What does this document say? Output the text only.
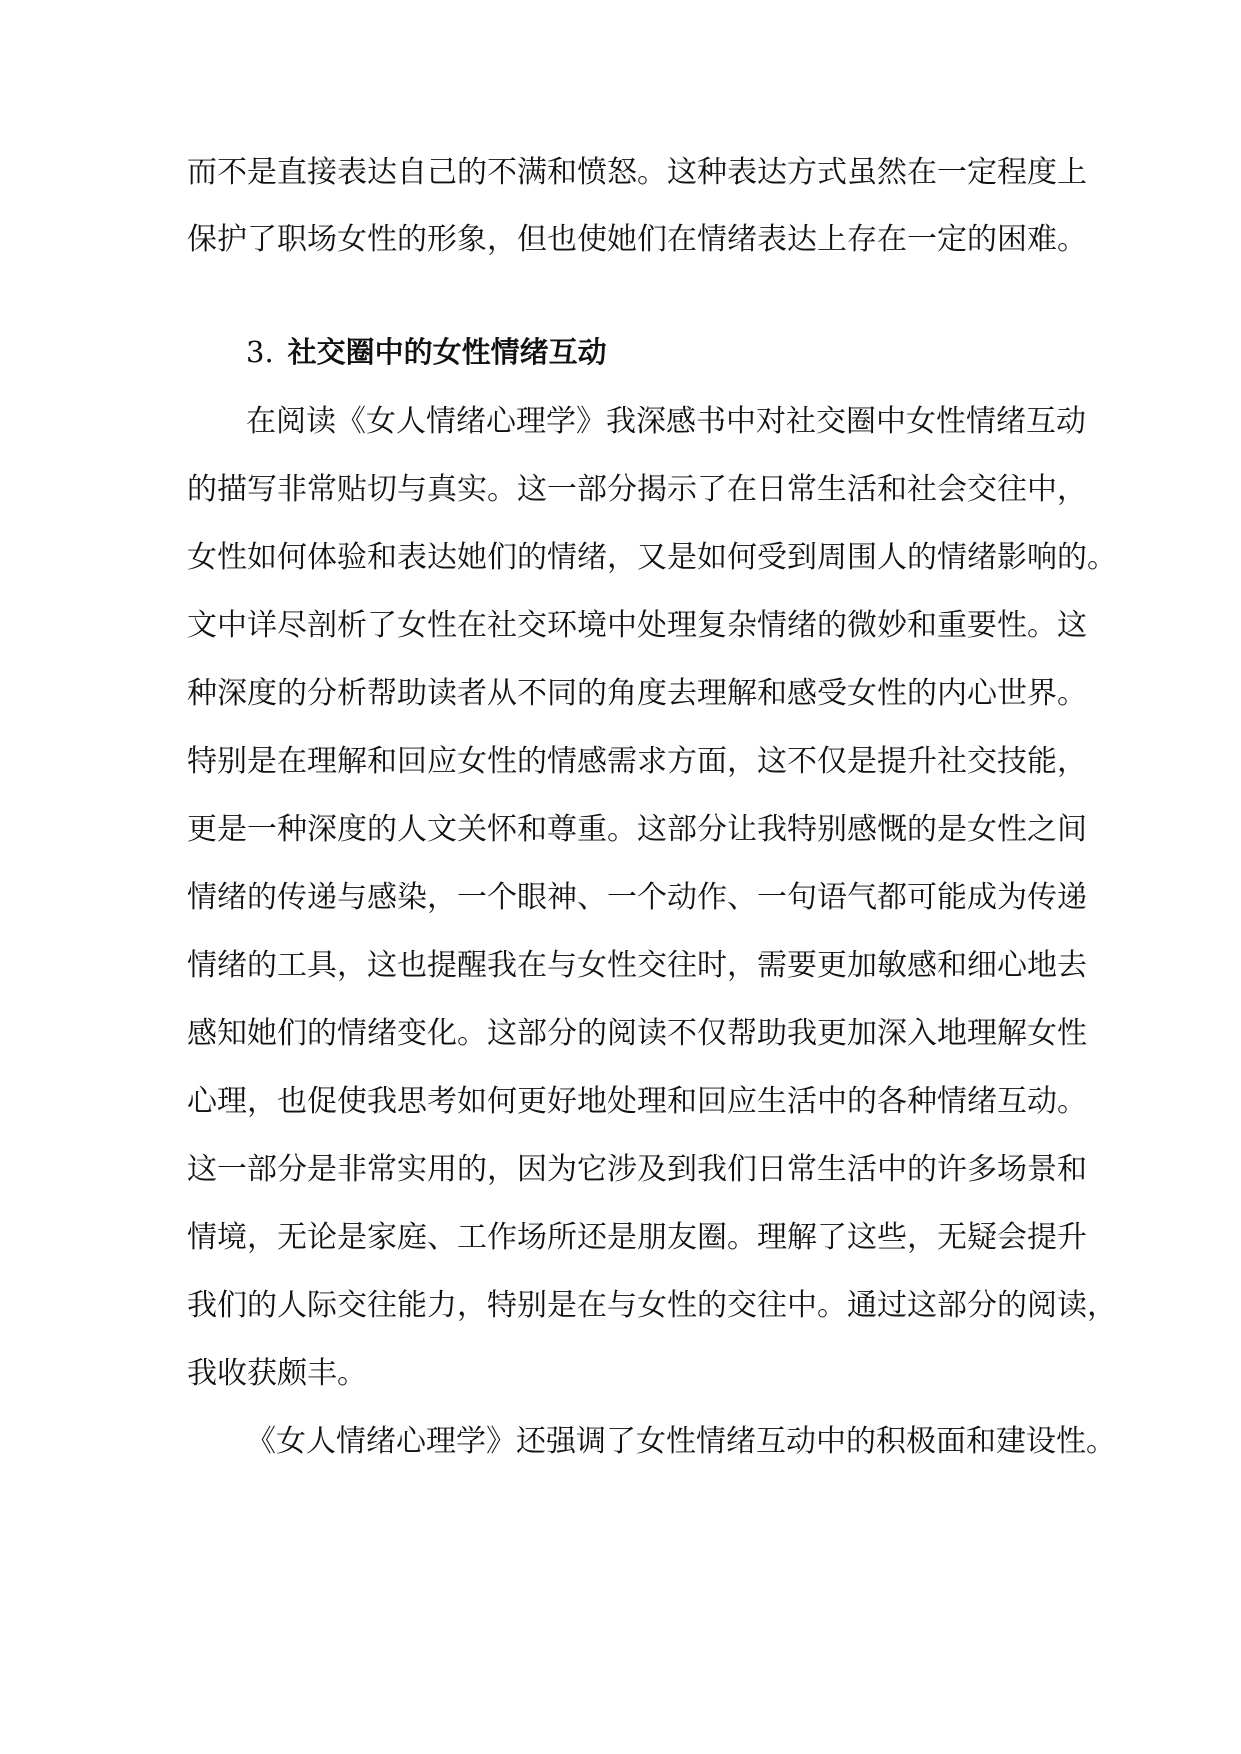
而不是直接表达自己的不满和愤怒。这种表达方式虽然在一定程度上
保护了职场女性的形象，但也使她们在情绪表达上存在一定的困难。
3. 社交圈中的女性情绪互动
在阅读《女人情绪心理学》我深感书中对社交圈中女性情绪互动
的描写非常贴切与真实。这一部分揭示了在日常生活和社会交往中，
女性如何体验和表达她们的情绪，又是如何受到周围人的情绪影响的。
文中详尽剖析了女性在社交环境中处理复杂情绪的微妙和重要性。这
种深度的分析帮助读者从不同的角度去理解和感受女性的内心世界。
特别是在理解和回应女性的情感需求方面，这不仅是提升社交技能，
更是一种深度的人文关怀和尊重。这部分让我特别感慨的是女性之间
情绪的传递与感染，一个眼神、一个动作、一句语气都可能成为传递
情绪的工具，这也提醒我在与女性交往时，需要更加敏感和细心地去
感知她们的情绪变化。这部分的阅读不仅帮助我更加深入地理解女性
心理，也促使我思考如何更好地处理和回应生活中的各种情绪互动。
这一部分是非常实用的，因为它涉及到我们日常生活中的许多场景和
情境，无论是家庭、工作场所还是朋友圈。理解了这些，无疑会提升
我们的人际交往能力，特别是在与女性的交往中。通过这部分的阅读，
我收获颇丰。
《女人情绪心理学》还强调了女性情绪互动中的积极面和建设性。
